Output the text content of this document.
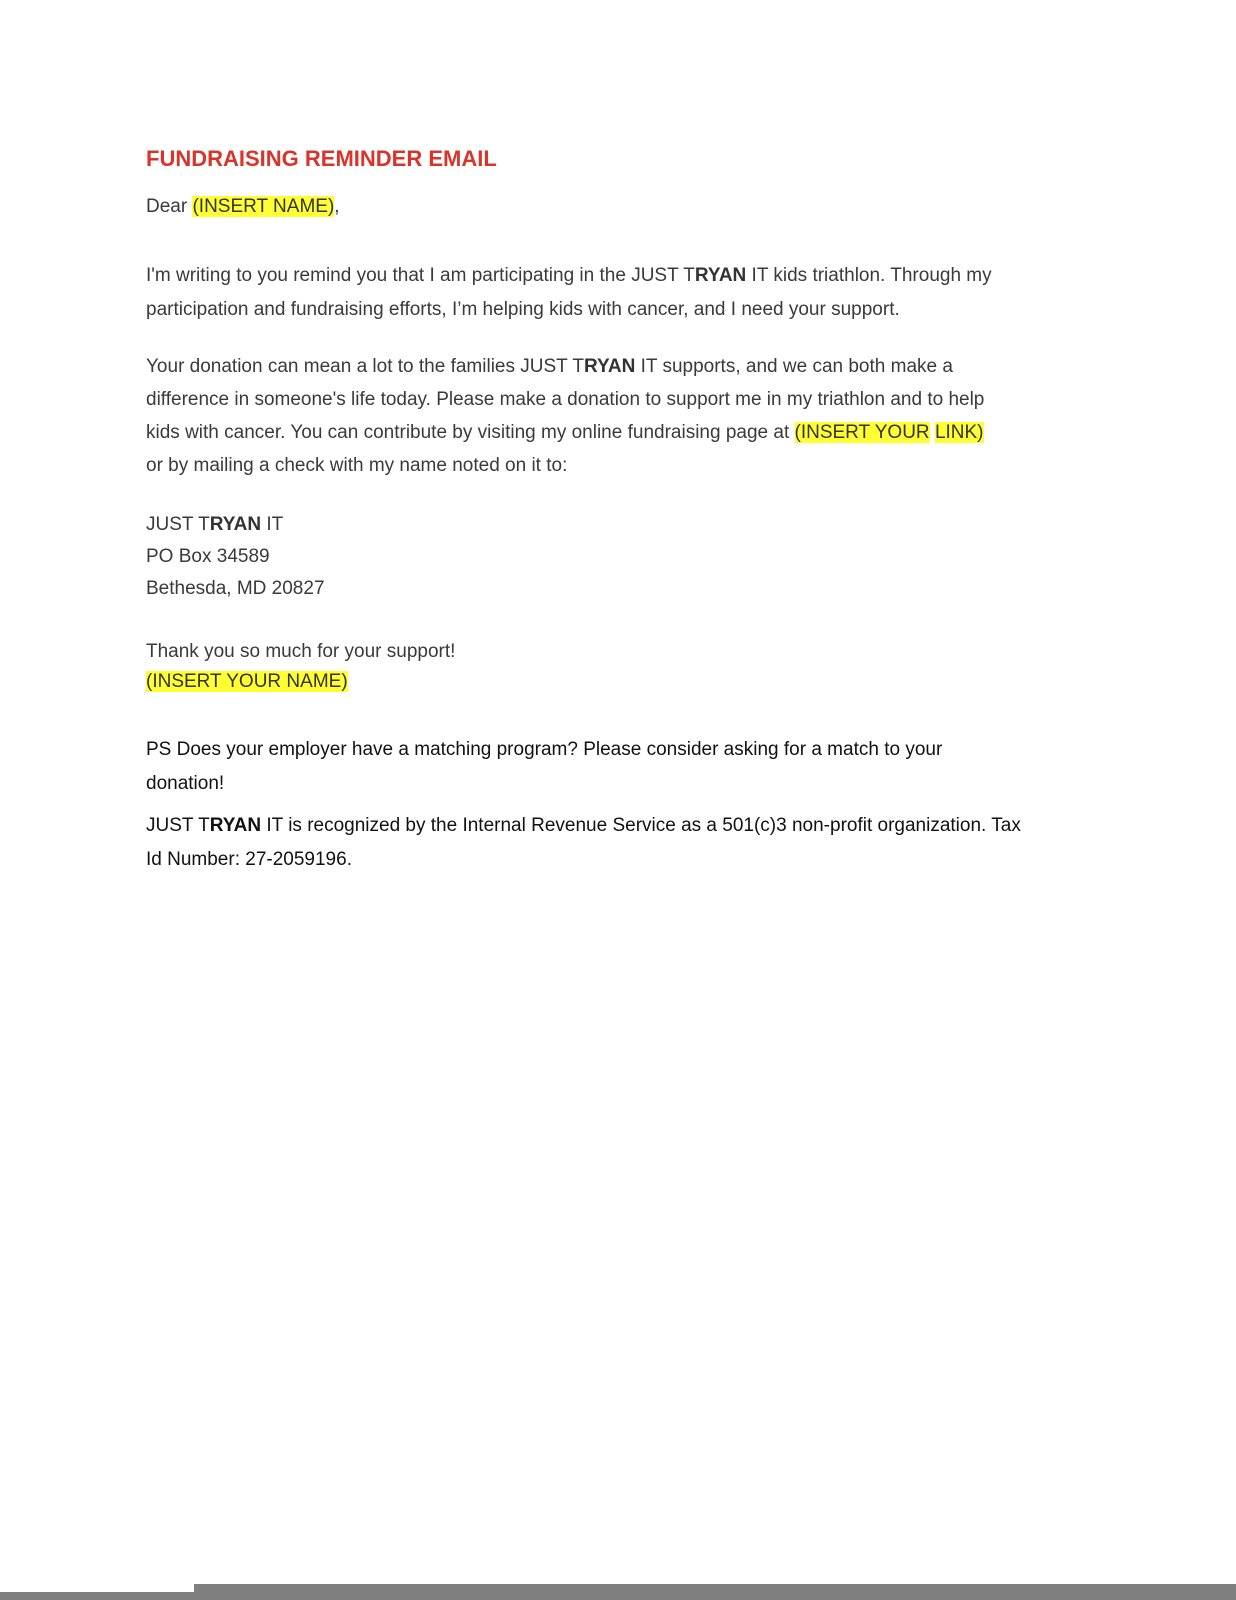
FUNDRAISING REMINDER EMAIL
Dear (INSERT NAME),
I'm writing to you remind you that I am participating in the JUST TRYAN IT kids triathlon. Through my
participation and fundraising efforts, I’m helping kids with cancer, and I need your support.
Your donation can mean a lot to the families JUST TRYAN IT supports, and we can both make a
difference in someone's life today. Please make a donation to support me in my triathlon and to help
kids with cancer. You can contribute by visiting my online fundraising page at (INSERT YOUR LINK)
or by mailing a check with my name noted on it to:
JUST TRYAN IT
PO Box 34589
Bethesda, MD 20827
Thank you so much for your support!
(INSERT YOUR NAME)
PS Does your employer have a matching program? Please consider asking for a match to your
donation!
JUST TRYAN IT is recognized by the Internal Revenue Service as a 501(c)3 non-profit organization. Tax
Id Number: 27-2059196.
